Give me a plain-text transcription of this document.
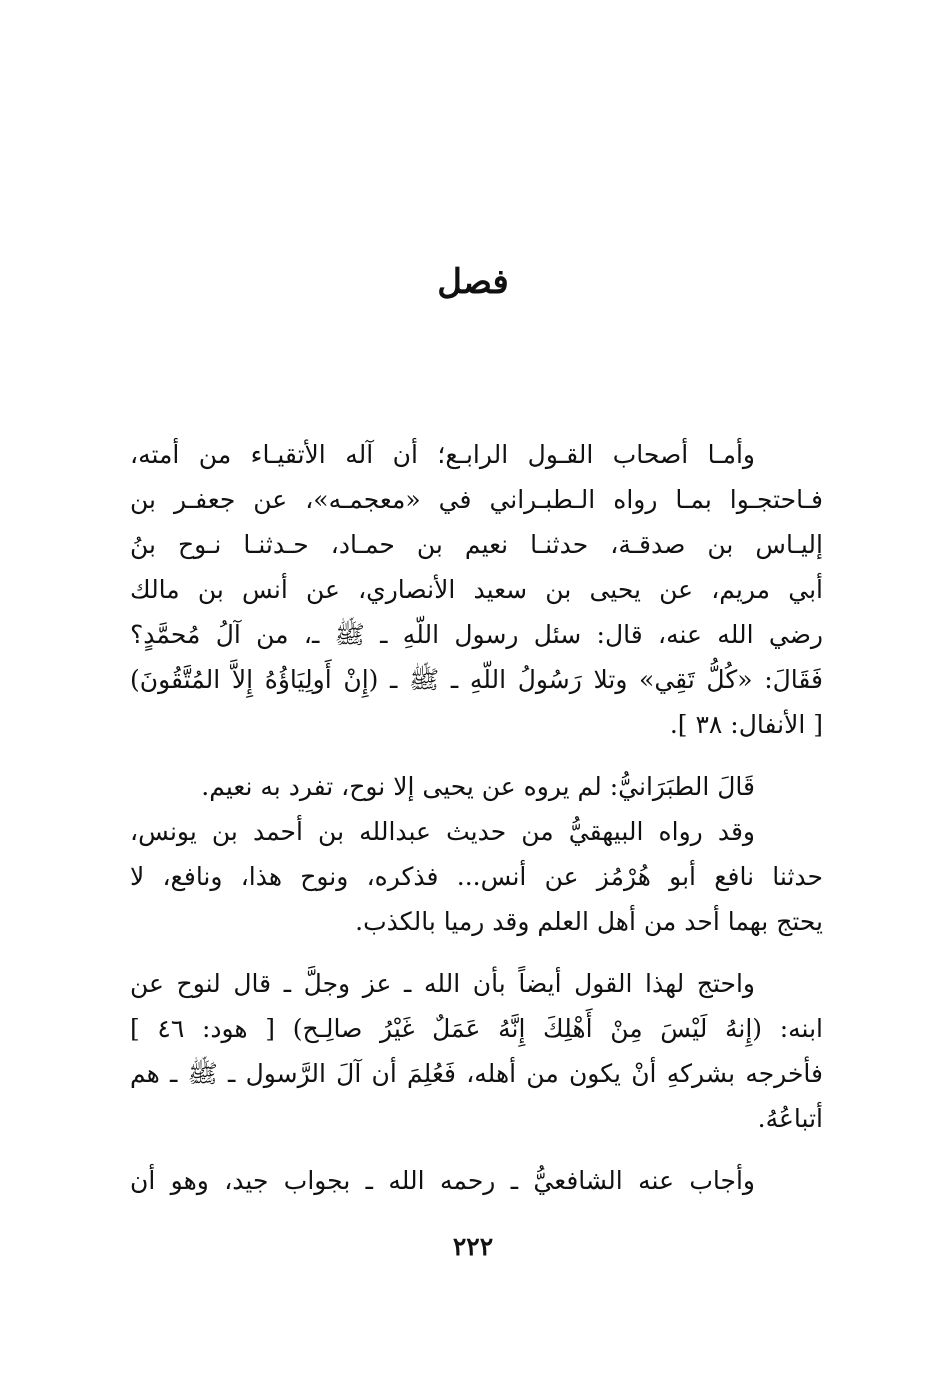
فصل

وأمـا أصحاب القـول الرابـع؛ أن آله الأتقيـاء من أمته،
فـاحتجـوا بمـا رواه الـطبـراني في «معجمـه»، عن جعفـر بن
إليـاس بن صدقـة، حدثنـا نعيم بن حمـاد، حـدثنـا نـوح بنُ
أبي مريم، عن يحيى بن سعيد الأنصاري، عن أنس بن مالك
رضي الله عنه، قال: سئل رسول اللّهِ ـ ﷺ ـ، من آلُ مُحمَّدٍ؟
فَقَالَ: «كُلُّ تَقِي» وتلا رَسُولُ اللّهِ ـ ﷺ ـ (إِنْ أَولِيَاؤُهُ إِلاَّ المُتَّقُونَ)
[ الأنفال: ٣٨ ].

قَالَ الطبَرَانيُّ: لم يروه عن يحيى إلا نوح، تفرد به نعيم.

وقد رواه البيهقيُّ من حديث عبدالله بن أحمد بن يونس،
حدثنا نافع أبو هُرْمُز عن أنس... فذكره، ونوح هذا، ونافع، لا
يحتج بهما أحد من أهل العلم وقد رميا بالكذب.

واحتج لهذا القول أيضاً بأن الله ـ عز وجلَّ ـ قال لنوح عن
ابنه: (إِنهُ لَيْسَ مِنْ أَهْلِكَ إِنَّهُ عَمَلٌ غَيْرُ صالِـح) [ هود: ٤٦ ]
فأخرجه بشركهِ أنْ يكون من أهله، فَعُلِمَ أن آلَ الرَّسول ـ ﷺ ـ هم
أتباعُهُ.

وأجاب عنه الشافعيُّ ـ رحمه الله ـ بجواب جيد، وهو أن

٢٢٢
